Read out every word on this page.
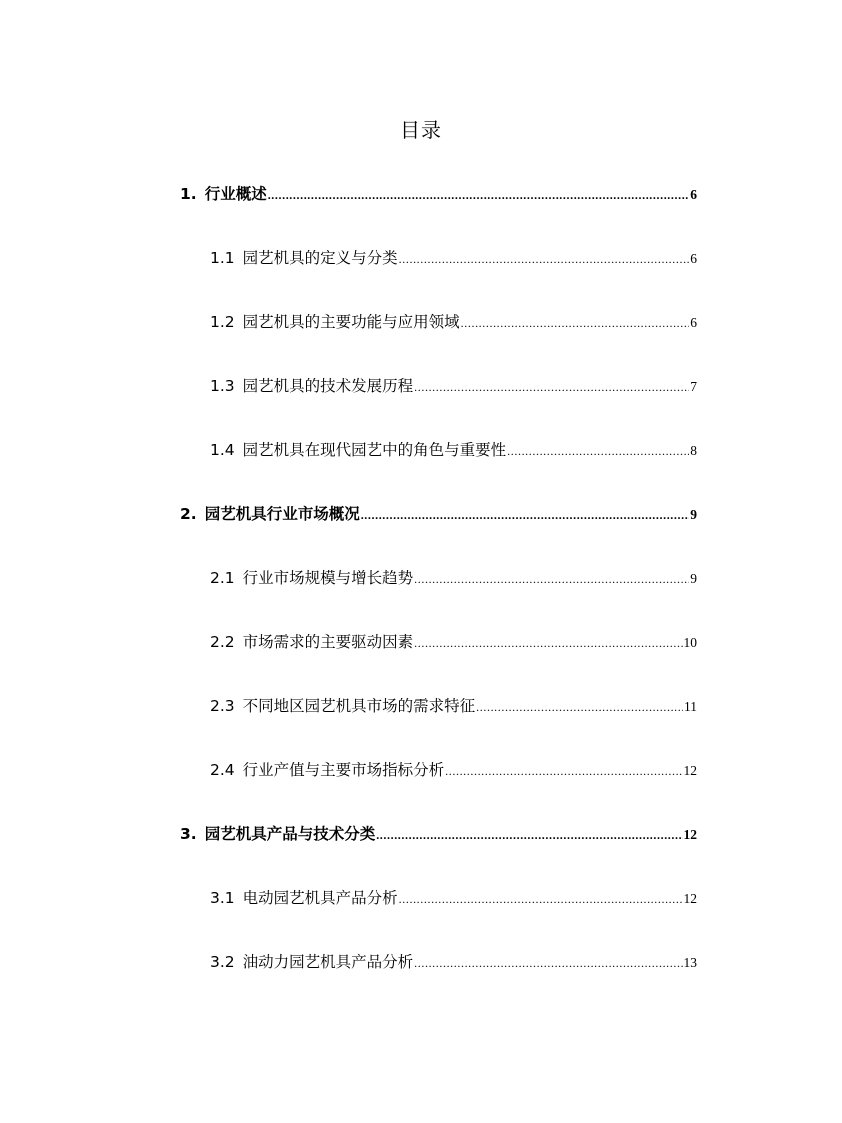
目录
1. 行业概述 .....	6
1.1 园艺机具的定义与分类 .....	6
1.2 园艺机具的主要功能与应用领域 .....	6
1.3 园艺机具的技术发展历程 .....	7
1.4 园艺机具在现代园艺中的角色与重要性 .....	8
2. 园艺机具行业市场概况 .....	9
2.1 行业市场规模与增长趋势 .....	9
2.2 市场需求的主要驱动因素 .....	10
2.3 不同地区园艺机具市场的需求特征 .....	11
2.4 行业产值与主要市场指标分析 .....	12
3. 园艺机具产品与技术分类 .....	12
3.1 电动园艺机具产品分析 .....	12
3.2 油动力园艺机具产品分析 .....	13
